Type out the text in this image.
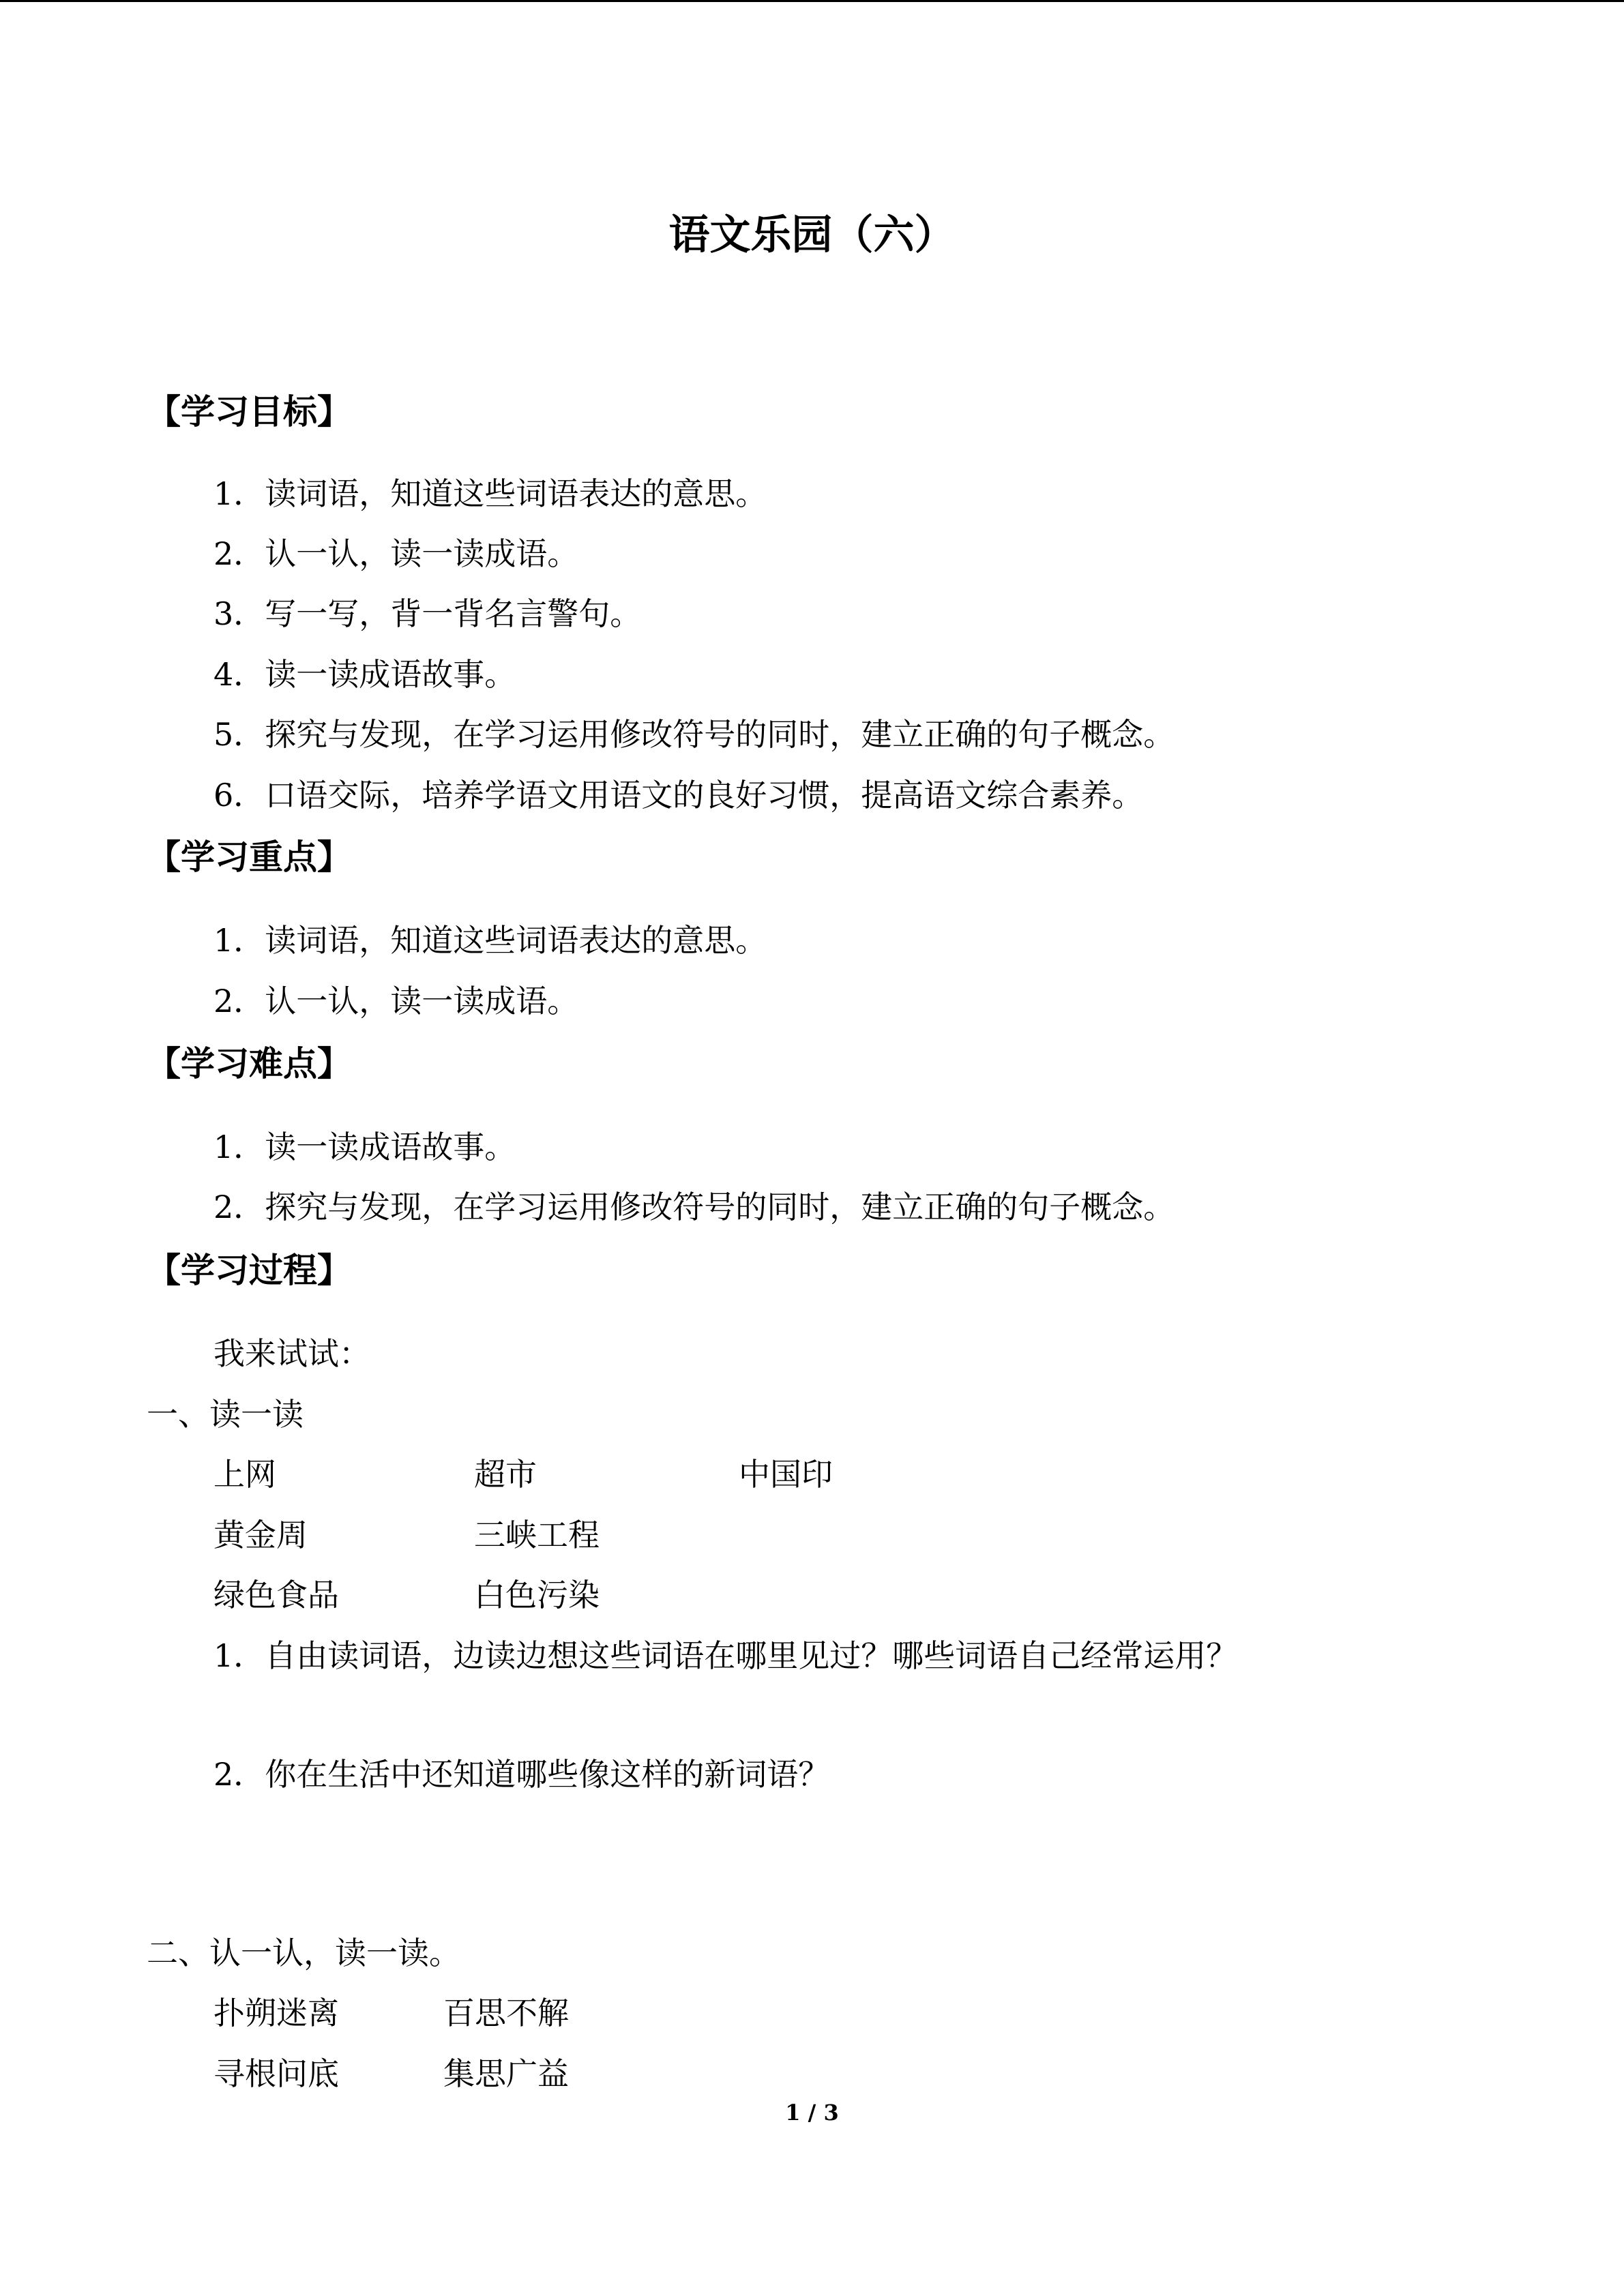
语文乐园（六）
【学习目标】
1．读词语，知道这些词语表达的意思。
2．认一认，读一读成语。
3．写一写，背一背名言警句。
4．读一读成语故事。
5．探究与发现，在学习运用修改符号的同时，建立正确的句子概念。
6．口语交际，培养学语文用语文的良好习惯，提高语文综合素养。
【学习重点】
1．读词语，知道这些词语表达的意思。
2．认一认，读一读成语。
【学习难点】
1．读一读成语故事。
2．探究与发现，在学习运用修改符号的同时，建立正确的句子概念。
【学习过程】
我来试试：
一、读一读
上网	超市	中国印
黄金周	三峡工程
绿色食品	白色污染
1．自由读词语，边读边想这些词语在哪里见过？哪些词语自己经常运用？
2．你在生活中还知道哪些像这样的新词语？
二、认一认，读一读。
扑朔迷离	百思不解
寻根问底	集思广益
1 / 3
